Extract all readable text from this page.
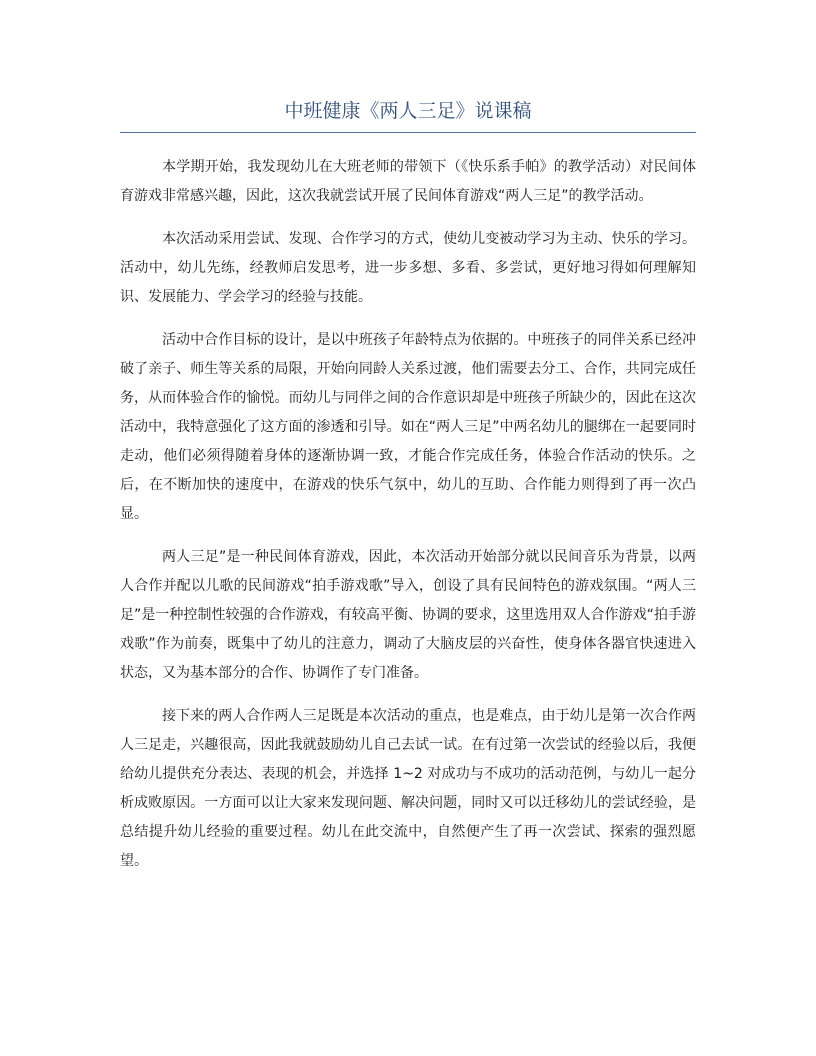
中班健康《两人三足》说课稿

本学期开始，我发现幼儿在大班老师的带领下（《快乐系手帕》的教学活动）对民间体育游戏非常感兴趣，因此，这次我就尝试开展了民间体育游戏“两人三足”的教学活动。

本次活动采用尝试、发现、合作学习的方式，使幼儿变被动学习为主动、快乐的学习。活动中，幼儿先练，经教师启发思考，进一步多想、多看、多尝试，更好地习得如何理解知识、发展能力、学会学习的经验与技能。

活动中合作目标的设计，是以中班孩子年龄特点为依据的。中班孩子的同伴关系已经冲破了亲子、师生等关系的局限，开始向同龄人关系过渡，他们需要去分工、合作，共同完成任务，从而体验合作的愉悦。而幼儿与同伴之间的合作意识却是中班孩子所缺少的，因此在这次活动中，我特意强化了这方面的渗透和引导。如在“两人三足”中两名幼儿的腿绑在一起要同时走动，他们必须得随着身体的逐渐协调一致，才能合作完成任务，体验合作活动的快乐。之后，在不断加快的速度中，在游戏的快乐气氛中，幼儿的互助、合作能力则得到了再一次凸显。

两人三足”是一种民间体育游戏，因此，本次活动开始部分就以民间音乐为背景，以两人合作并配以儿歌的民间游戏“拍手游戏歌”导入，创设了具有民间特色的游戏氛围。“两人三足”是一种控制性较强的合作游戏，有较高平衡、协调的要求，这里选用双人合作游戏“拍手游戏歌”作为前奏，既集中了幼儿的注意力，调动了大脑皮层的兴奋性，使身体各器官快速进入状态，又为基本部分的合作、协调作了专门准备。

接下来的两人合作两人三足既是本次活动的重点，也是难点，由于幼儿是第一次合作两人三足走，兴趣很高，因此我就鼓励幼儿自己去试一试。在有过第一次尝试的经验以后，我便给幼儿提供充分表达、表现的机会，并选择 1~2 对成功与不成功的活动范例，与幼儿一起分析成败原因。一方面可以让大家来发现问题、解决问题，同时又可以迁移幼儿的尝试经验，是总结提升幼儿经验的重要过程。幼儿在此交流中，自然便产生了再一次尝试、探索的强烈愿望。
